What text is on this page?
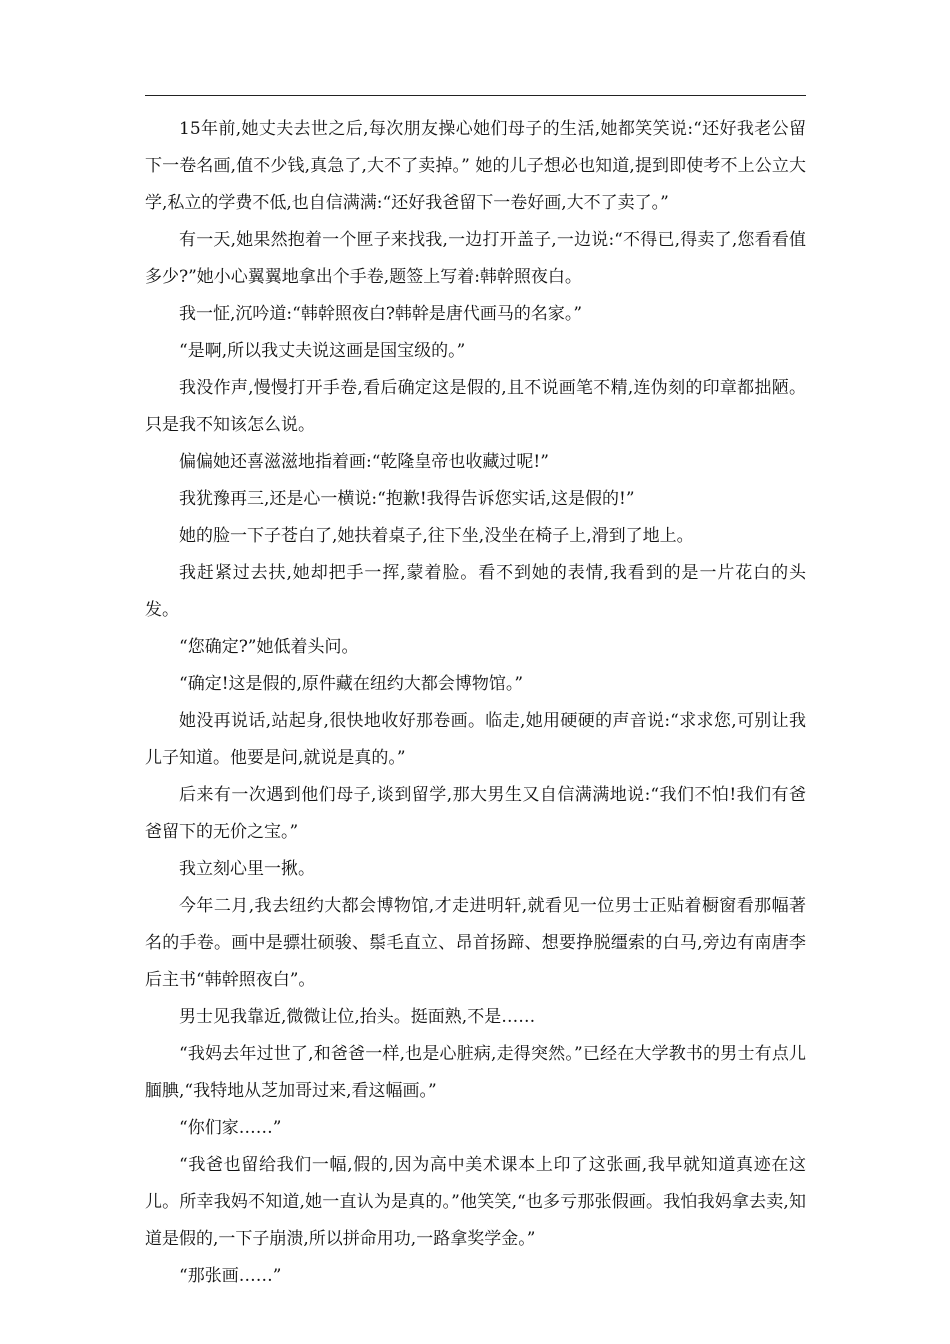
15年前,她丈夫去世之后,每次朋友操心她们母子的生活,她都笑笑说:“还好我老公留下一卷名画,值不少钱,真急了,大不了卖掉。” 她的儿子想必也知道,提到即使考不上公立大学,私立的学费不低,也自信满满:“还好我爸留下一卷好画,大不了卖了。”

有一天,她果然抱着一个匣子来找我,一边打开盖子,一边说:“不得已,得卖了,您看看值多少?”她小心翼翼地拿出个手卷,题签上写着:韩幹照夜白。

我一怔,沉吟道:“韩幹照夜白?韩幹是唐代画马的名家。”

“是啊,所以我丈夫说这画是国宝级的。”

我没作声,慢慢打开手卷,看后确定这是假的,且不说画笔不精,连伪刻的印章都拙陋。只是我不知该怎么说。

偏偏她还喜滋滋地指着画:“乾隆皇帝也收藏过呢!”

我犹豫再三,还是心一横说:“抱歉!我得告诉您实话,这是假的!”

她的脸一下子苍白了,她扶着桌子,往下坐,没坐在椅子上,滑到了地上。

我赶紧过去扶,她却把手一挥,蒙着脸。看不到她的表情,我看到的是一片花白的头发。

“您确定?”她低着头问。

“确定!这是假的,原件藏在纽约大都会博物馆。”

她没再说话,站起身,很快地收好那卷画。临走,她用硬硬的声音说:“求求您,可别让我儿子知道。他要是问,就说是真的。”

后来有一次遇到他们母子,谈到留学,那大男生又自信满满地说:“我们不怕!我们有爸爸留下的无价之宝。”

我立刻心里一揪。

今年二月,我去纽约大都会博物馆,才走进明轩,就看见一位男士正贴着橱窗看那幅著名的手卷。画中是骠壮硕骏、鬃毛直立、昂首扬蹄、想要挣脱缰索的白马,旁边有南唐李后主书“韩幹照夜白”。

男士见我靠近,微微让位,抬头。挺面熟,不是……

“我妈去年过世了,和爸爸一样,也是心脏病,走得突然。”已经在大学教书的男士有点儿腼腆,“我特地从芝加哥过来,看这幅画。”

“你们家……”

“我爸也留给我们一幅,假的,因为高中美术课本上印了这张画,我早就知道真迹在这儿。所幸我妈不知道,她一直认为是真的。”他笑笑,“也多亏那张假画。我怕我妈拿去卖,知道是假的,一下子崩溃,所以拼命用功,一路拿奖学金。”

“那张画……”
